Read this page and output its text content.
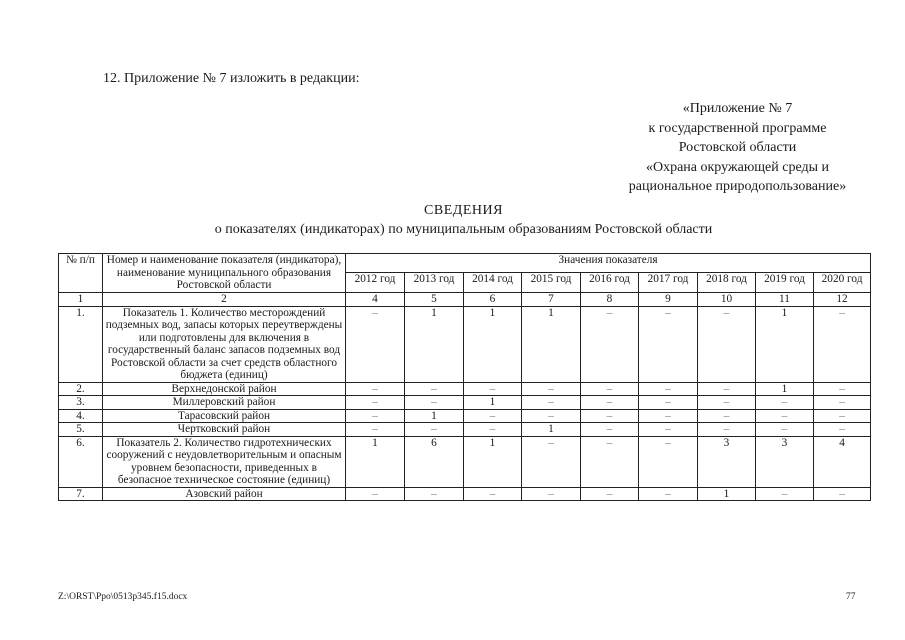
12. Приложение № 7 изложить в редакции:
«Приложение № 7
к государственной программе
Ростовской области
«Охрана окружающей среды и
рациональное природопользование»
СВЕДЕНИЯ
о показателях (индикаторах) по муниципальным образованиям Ростовской области
№ п/п	Номер и наименование показателя (индикатора), наименование муниципального образования Ростовской области	Значения показателя								
		2012 год	2013 год	2014 год	2015 год	2016 год	2017 год	2018 год	2019 год	2020 год
1	2	4	5	6	7	8	9	10	11	12
1.	Показатель 1. Количество месторождений подземных вод, запасы которых переутверждены или подготовлены для включения в государственный баланс запасов подземных вод Ростовской области за счет средств областного бюджета (единиц)	–	1	1	1	–	–	–	1	–
2.	Верхнедонской район	–	–	–	–	–	–	–	1	–
3.	Миллеровский район	–	–	1	–	–	–	–	–	–
4.	Тарасовский район	–	1	–	–	–	–	–	–	–
5.	Чертковский район	–	–	–	1	–	–	–	–	–
6.	Показатель 2. Количество гидротехнических сооружений с неудовлетворительным и опасным уровнем безопасности, приведенных в безопасное техническое состояние (единиц)	1	6	1	–	–	–	3	3	4
7.	Азовский район	–	–	–	–	–	–	1	–	–
Z:\ORST\Ppo\0513p345.f15.docx	77
